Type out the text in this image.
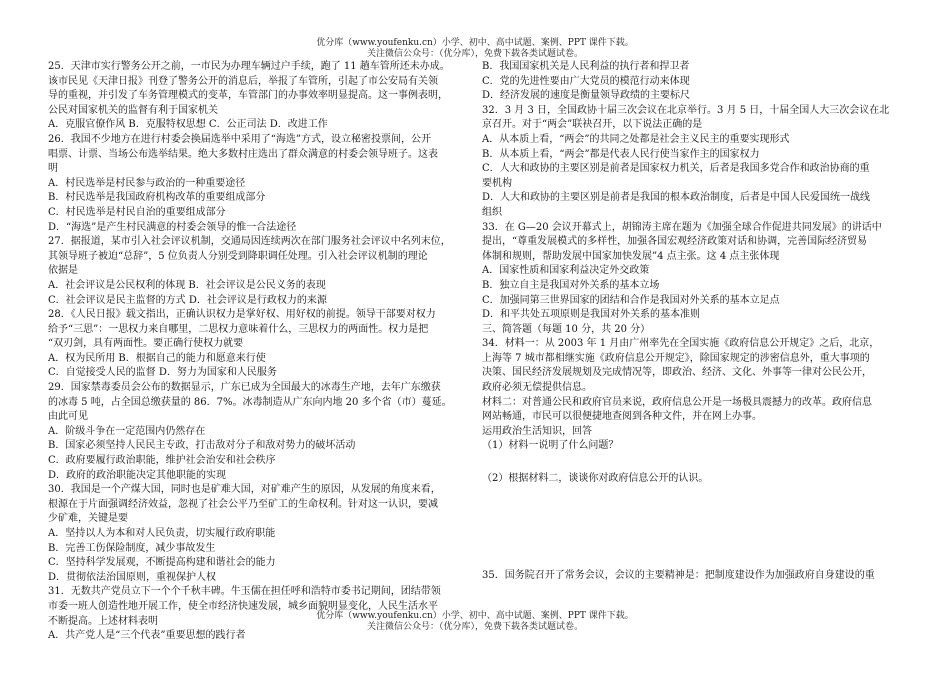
优分库（www.youfenku.cn）小学、初中、高中试题、案例、PPT 课件下载。
关注微信公众号：（优分库），免费下载各类试题试卷。

25．天津市实行警务公开之前，一市民为办理车辆过户手续，跑了 11 趟车管所还未办成。

该市民见《天津日报》刊登了警务公开的消息后，举报了车管所，引起了市公安局有关领

导的重视，并引发了车务管理模式的变革，车管部门的办事效率明显提高。这一事例表明，

公民对国家机关的监督有利于国家机关

A．克服官僚作风 B．克服特权思想 C．公正司法 D．改进工作

26．我国不少地方在进行村委会换届选举中采用了“海选”方式，设立秘密投票间，公开

唱票、计票、当场公布选举结果。绝大多数村庄选出了群众满意的村委会领导班子。这表

明

A．村民选举是村民参与政治的一种重要途径

B．村民选举是我国政府机构改革的重要组成部分

C．村民选举是村民自治的重要组成部分

D．“海选”是产生村民满意的村委会领导的惟一合法途径

27．据报道，某市引入社会评议机制，交通局因连续两次在部门服务社会评议中名列末位，

其领导班子被迫“总辞”，5 位负责人分别受到降职调任处理。引入社会评议机制的理论

依据是

A．社会评议是公民权利的体现 B．社会评议是公民义务的表现

C．社会评议是民主监督的方式 D．社会评议是行政权力的来源

28．《人民日报》载文指出，正确认识权力是掌好权、用好权的前提。领导干部要对权力

给予“三思”：一思权力来自哪里，二思权力意味着什么，三思权力的两面性。权力是把

“双刃剑，具有两面性。要正确行使权力就要

A．权为民所用 B．根据自己的能力和愿意来行使

C．自觉接受人民的监督 D．努力为国家和人民服务

29．国家禁毒委员会公布的数据显示，广东已成为全国最大的冰毒生产地，去年广东缴获

的冰毒 5 吨，占全国总缴获量的 86．7%。冰毒制造从广东向内地 20 多个省（市）蔓延。

由此可见

A．阶级斗争在一定范围内仍然存在

B．国家必须坚持人民民主专政，打击敌对分子和敌对势力的破坏活动

C．政府要履行政治职能，维护社会治安和社会秩序

D．政府的政治职能决定其他职能的实现

30．我国是一个产煤大国，同时也是矿难大国，对矿难产生的原因，从发展的角度来看，

根源在于片面强调经济效益，忽视了社会公平乃至矿工的生命权利。针对这一认识，要减

少矿难，关键是要

A．坚持以人为本和对人民负责，切实履行政府职能

B．完善工伤保险制度，减少事故发生

C．坚持科学发展观，不断提高构建和谐社会的能力

D．贯彻依法治国原则，重视保护人权

31．无数共产党员立下一个个千秋丰碑。牛玉儒在担任呼和浩特市委书记期间，团结带领

市委一班人创造性地开展工作，使全市经济快速发展，城乡面貌明显变化，人民生活水平

不断提高。上述材料表明

A．共产党人是“三个代表”重要思想的践行者

B．我国国家机关是人民利益的执行者和捍卫者

C．党的先进性要由广大党员的模范行动来体现

D．经济发展的速度是衡量领导政绩的主要标尺

32．3 月 3 日，全国政协十届三次会议在北京举行。3 月 5 日，十届全国人大三次会议在北

京召开。对于“两会”联袂召开，以下说法正确的是

A．从本质上看，“两会”的共同之处都是社会主义民主的重要实现形式

B．从本质上看，“两会”都是代表人民行使当家作主的国家权力

C．人大和政协的主要区别是前者是国家权力机关，后者是我国多党合作和政治协商的重

要机构

D．人大和政协的主要区别是前者是我国的根本政治制度，后者是中国人民爱国统一战线

组织

33．在 G—20 会议开幕式上，胡锦涛主席在题为《加强全球合作促进共同发展》的讲话中

提出，“尊重发展模式的多样性，加强各国宏观经济政策对话和协调，完善国际经济贸易

体制和规则，帮助发展中国家加快发展”4 点主张。这 4 点主张体现

A．国家性质和国家利益决定外交政策

B．独立自主是我国对外关系的基本立场

C．加强同第三世界国家的团结和合作是我国对外关系的基本立足点

D．和平共处五项原则是我国对外关系的基本准则

三、简答题（每题 10 分，共 20 分）

34．材料一：从 2003 年 1 月由广州率先在全国实施《政府信息公开规定》之后，北京，

上海等 7 城市都相继实施《政府信息公开规定》，除国家规定的涉密信息外，重大事项的

决策、国民经济发展规划及完成情况等，即政治、经济、文化、外事等一律对公民公开，

政府必须无偿提供信息。

材料二：对普通公民和政府官员来说，政府信息公开是一场极具震撼力的改革。政府信息

网站畅通，市民可以很便捷地查阅到各种文件，并在网上办事。

运用政治生活知识，回答

（1）材料一说明了什么问题？

（2）根据材料二，谈谈你对政府信息公开的认识。

35．国务院召开了常务会议，会议的主要精神是：把制度建设作为加强政府自身建设的重
优分库（www.youfenku.cn）小学、初中、高中试题、案例、PPT 课件下载。
关注微信公众号：（优分库），免费下载各类试题试卷。
